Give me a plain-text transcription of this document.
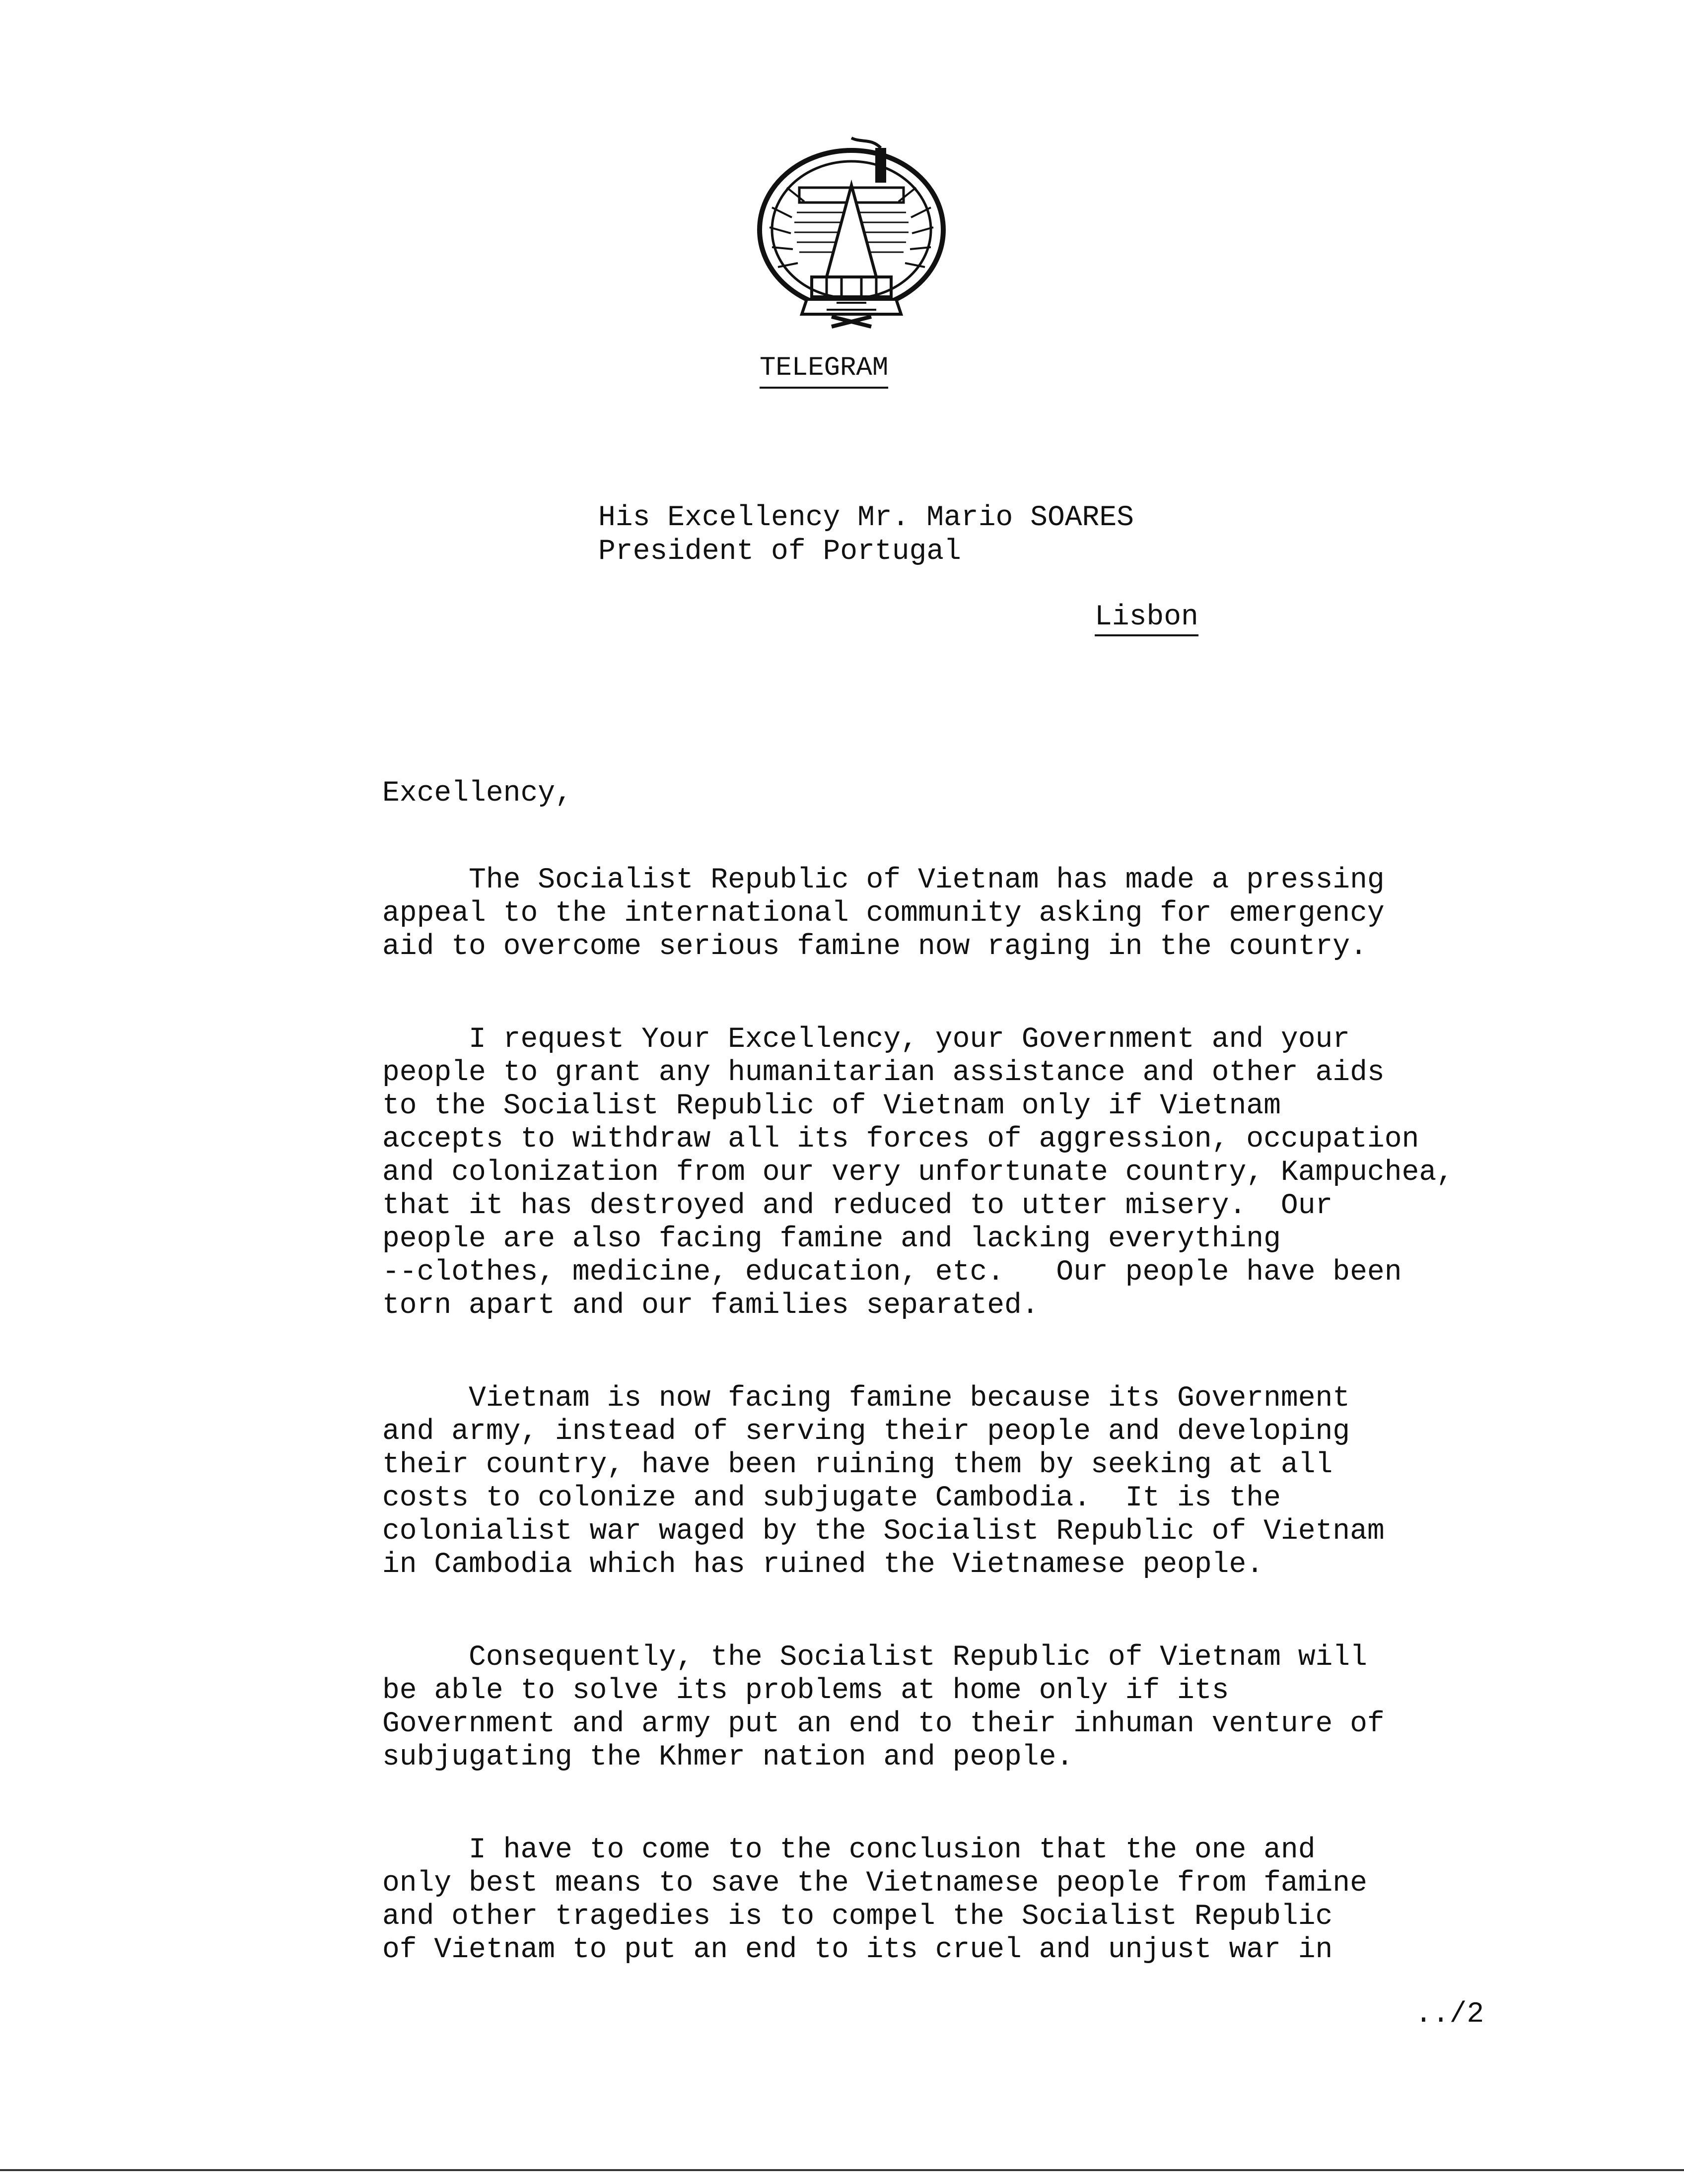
TELEGRAM
His Excellency Mr. Mario SOARES
President of Portugal
Lisbon
Excellency,

The Socialist Republic of Vietnam has made a pressing
appeal to the international community asking for emergency
aid to overcome serious famine now raging in the country.

I request Your Excellency, your Government and your
people to grant any humanitarian assistance and other aids
to the Socialist Republic of Vietnam only if Vietnam
accepts to withdraw all its forces of aggression, occupation
and colonization from our very unfortunate country, Kampuchea,
that it has destroyed and reduced to utter misery.  Our
people are also facing famine and lacking everything
--clothes, medicine, education, etc.   Our people have been
torn apart and our families separated.

Vietnam is now facing famine because its Government
and army, instead of serving their people and developing
their country, have been ruining them by seeking at all
costs to colonize and subjugate Cambodia.  It is the
colonialist war waged by the Socialist Republic of Vietnam
in Cambodia which has ruined the Vietnamese people.

Consequently, the Socialist Republic of Vietnam will
be able to solve its problems at home only if its
Government and army put an end to their inhuman venture of
subjugating the Khmer nation and people.

I have to come to the conclusion that the one and
only best means to save the Vietnamese people from famine
and other tragedies is to compel the Socialist Republic
of Vietnam to put an end to its cruel and unjust war in

../2
